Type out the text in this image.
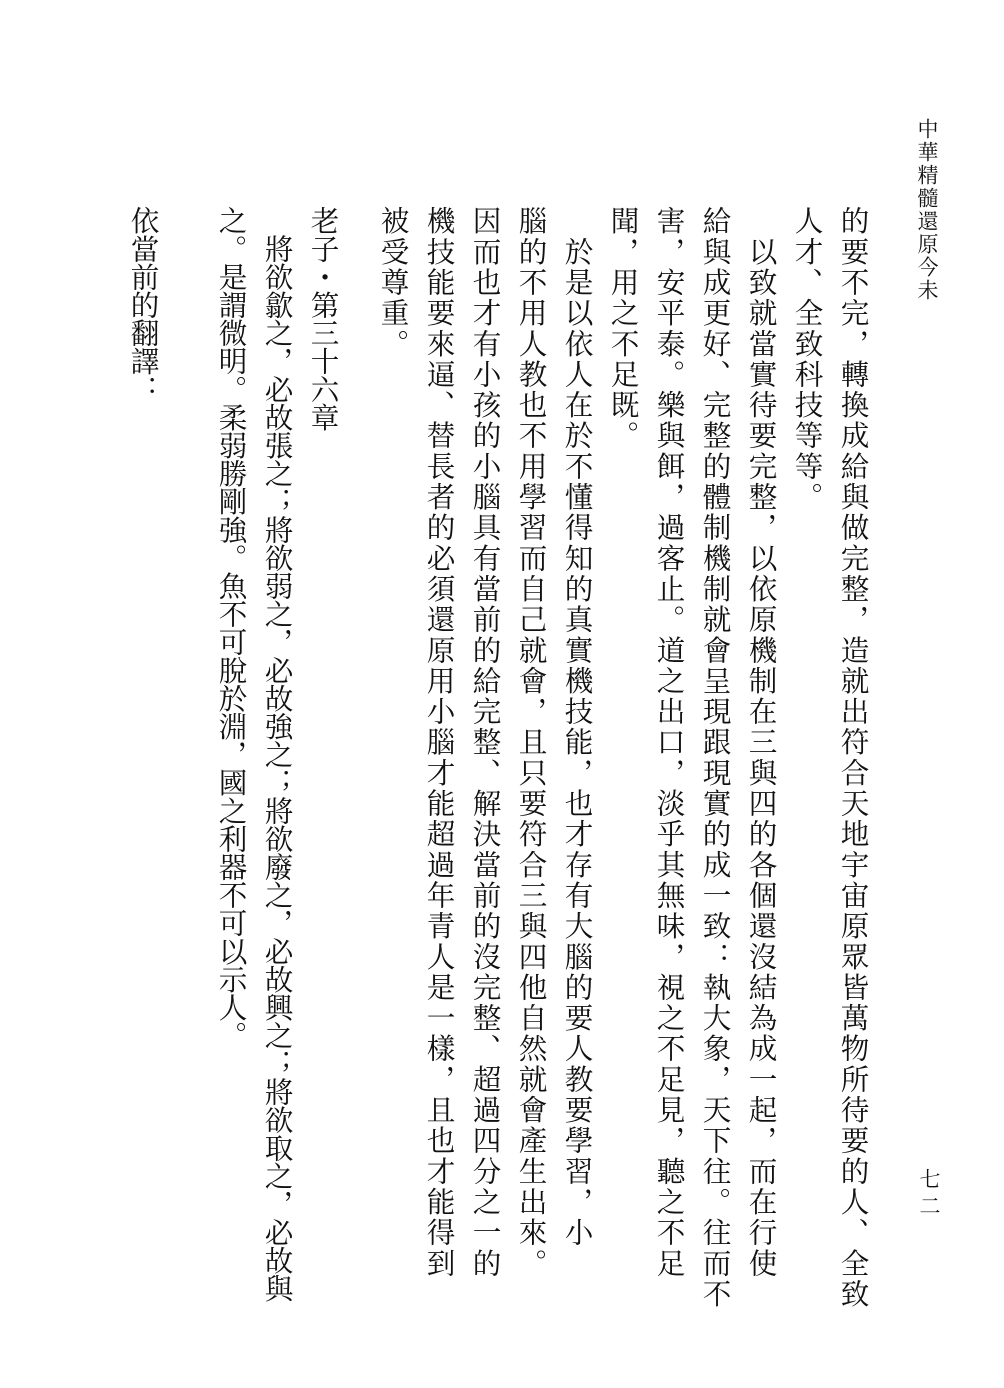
中華精髓還原今未
七二
的要不完，轉換成給與做完整，造就出符合天地宇宙原眾皆萬物所待要的人、全致
人才、全致科技等等。
　以致就當實待要完整，以依原機制在三與四的各個還沒結為成一起，而在行使
給與成更好、完整的體制機制就會呈現跟現實的成一致：執大象，天下往。往而不
害，安平泰。樂與餌，過客止。道之出口，淡乎其無味，視之不足見，聽之不足
聞，用之不足既。
　於是以依人在於不懂得知的真實機技能，也才存有大腦的要人教要學習，小
腦的不用人教也不用學習而自己就會，且只要符合三與四他自然就會產生出來。
因而也才有小孩的小腦具有當前的給完整、解決當前的沒完整、超過四分之一的
機技能要來逼、替長者的必須還原用小腦才能超過年青人是一樣，且也才能得到
被受尊重。
老子・第三十六章
　將欲歙之，必故張之；將欲弱之，必故強之；將欲廢之，必故興之；將欲取之，必故與
之。是謂微明。柔弱勝剛強。魚不可脫於淵，國之利器不可以示人。
依當前的翻譯：
